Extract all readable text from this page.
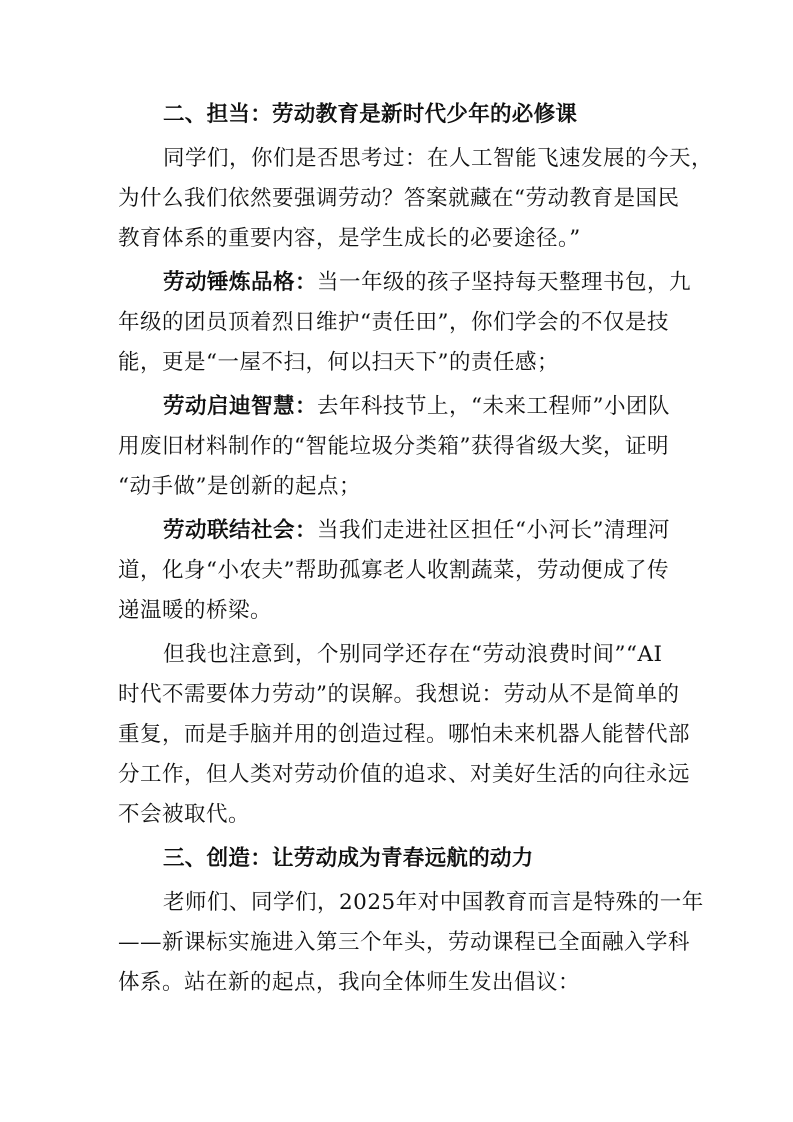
二、担当：劳动教育是新时代少年的必修课
同学们，你们是否思考过：在人工智能飞速发展的今天，
为什么我们依然要强调劳动？答案就藏在“劳动教育是国民
教育体系的重要内容，是学生成长的必要途径。”
劳动锤炼品格：当一年级的孩子坚持每天整理书包，九
年级的团员顶着烈日维护“责任田”，你们学会的不仅是技
能，更是“一屋不扫，何以扫天下”的责任感；
劳动启迪智慧：去年科技节上，“未来工程师”小团队
用废旧材料制作的“智能垃圾分类箱”获得省级大奖，证明
“动手做”是创新的起点；
劳动联结社会：当我们走进社区担任“小河长”清理河
道，化身“小农夫”帮助孤寡老人收割蔬菜，劳动便成了传
递温暖的桥梁。
但我也注意到，个别同学还存在“劳动浪费时间”“AI
时代不需要体力劳动”的误解。我想说：劳动从不是简单的
重复，而是手脑并用的创造过程。哪怕未来机器人能替代部
分工作，但人类对劳动价值的追求、对美好生活的向往永远
不会被取代。
三、创造：让劳动成为青春远航的动力
老师们、同学们，2025年对中国教育而言是特殊的一年
——新课标实施进入第三个年头，劳动课程已全面融入学科
体系。站在新的起点，我向全体师生发出倡议：
